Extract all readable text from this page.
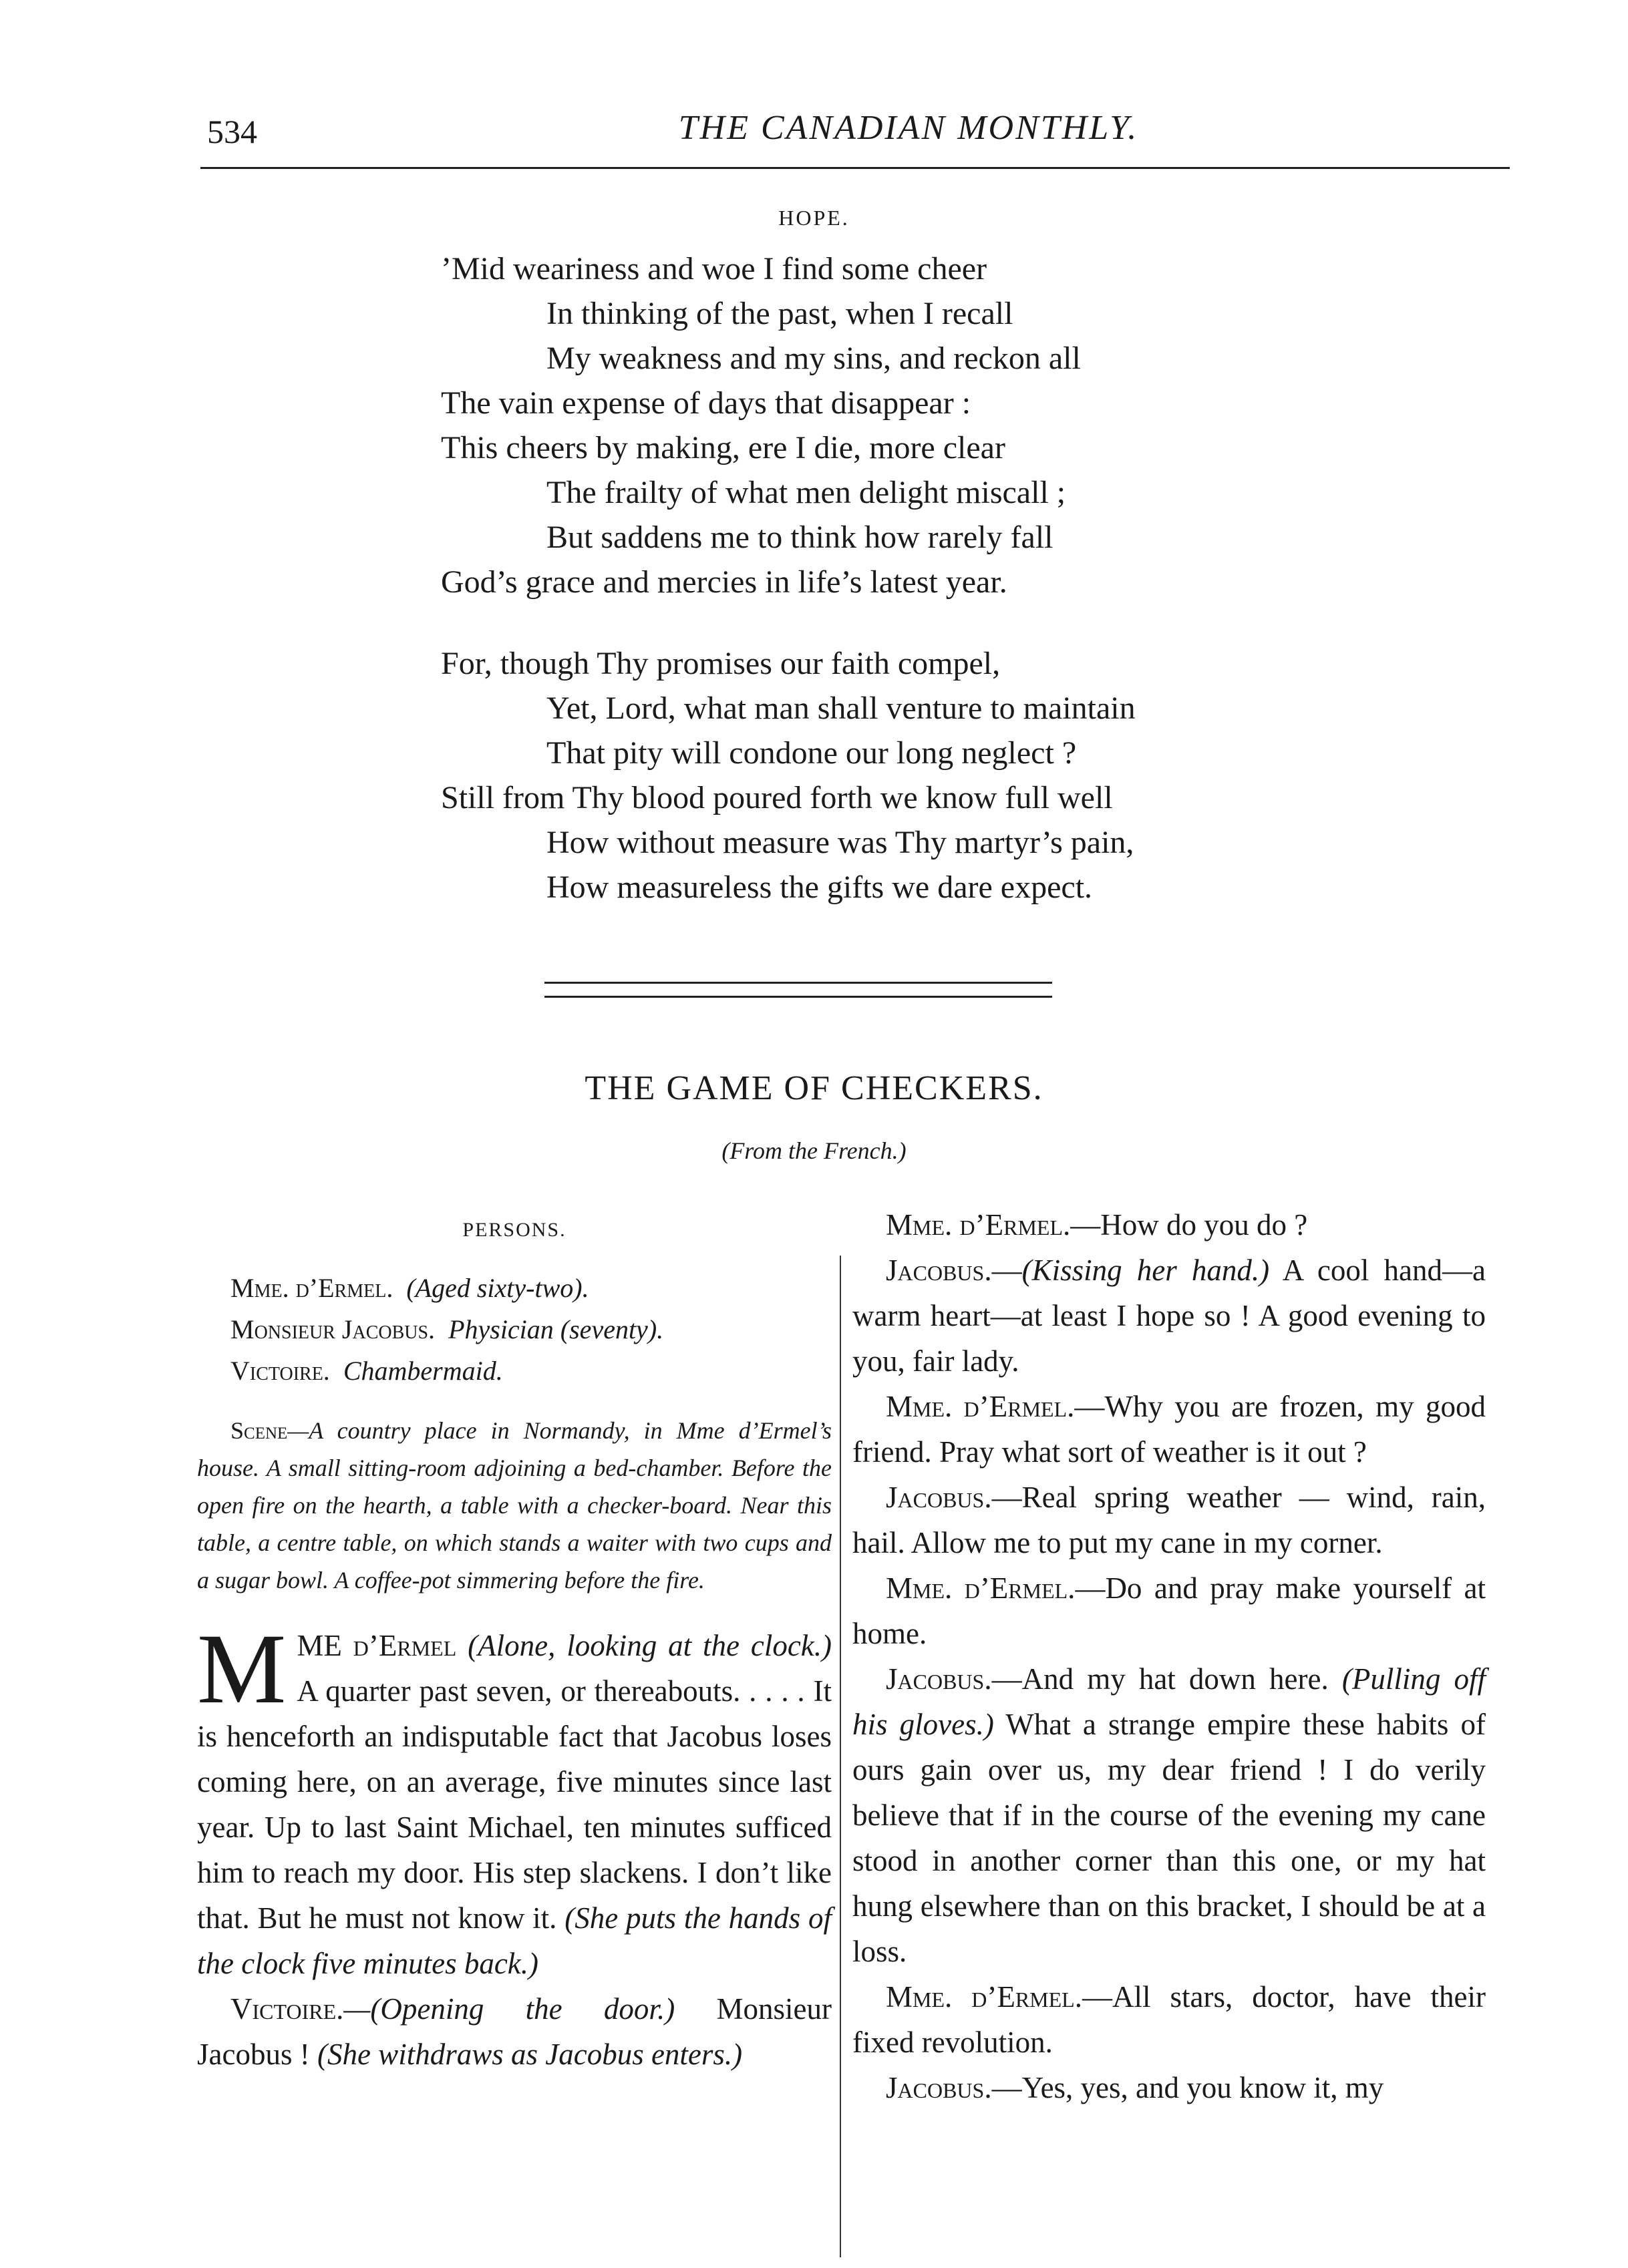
534	THE CANADIAN MONTHLY.
HOPE.
’Mid weariness and woe I find some cheer
In thinking of the past, when I recall
My weakness and my sins, and reckon all
The vain expense of days that disappear :
This cheers by making, ere I die, more clear
The frailty of what men delight miscall ;
But saddens me to think how rarely fall
God’s grace and mercies in life’s latest year.
For, though Thy promises our faith compel,
Yet, Lord, what man shall venture to maintain
That pity will condone our long neglect ?
Still from Thy blood poured forth we know full well
How without measure was Thy martyr’s pain,
How measureless the gifts we dare expect.
THE GAME OF CHECKERS.
(From the French.)
PERSONS.
Mme. d’Ermel. (Aged sixty-two).
Monsieur Jacobus. Physician (seventy).
Victoire. Chambermaid.

Scene—A country place in Normandy, in Mme d’Ermel’s house. A small sitting-room adjoining a bed-chamber. Before the open fire on the hearth, a table with a checker-board. Near this table, a centre table, on which stands a waiter with two cups and a sugar bowl. A coffee-pot simmering before the fire.

MME d’Ermel (Alone, looking at the clock.) A quarter past seven, or thereabouts. . . . . It is henceforth an indisputable fact that Jacobus loses coming here, on an average, five minutes since last year. Up to last Saint Michael, ten minutes sufficed him to reach my door. His step slackens. I don’t like that. But he must not know it. (She puts the hands of the clock five minutes back.)

Victoire.—(Opening the door.) Monsieur Jacobus ! (She withdraws as Jacobus enters.)

Mme. d’Ermel.—How do you do ?

Jacobus.—(Kissing her hand.) A cool hand—a warm heart—at least I hope so ! A good evening to you, fair lady.

Mme. d’Ermel.—Why you are frozen, my good friend. Pray what sort of weather is it out ?

Jacobus.—Real spring weather — wind, rain, hail. Allow me to put my cane in my corner.

Mme. d’Ermel.—Do and pray make yourself at home.

Jacobus.—And my hat down here. (Pulling off his gloves.) What a strange empire these habits of ours gain over us, my dear friend ! I do verily believe that if in the course of the evening my cane stood in another corner than this one, or my hat hung elsewhere than on this bracket, I should be at a loss.

Mme. d’Ermel.—All stars, doctor, have their fixed revolution.

Jacobus.—Yes, yes, and you know it, my
